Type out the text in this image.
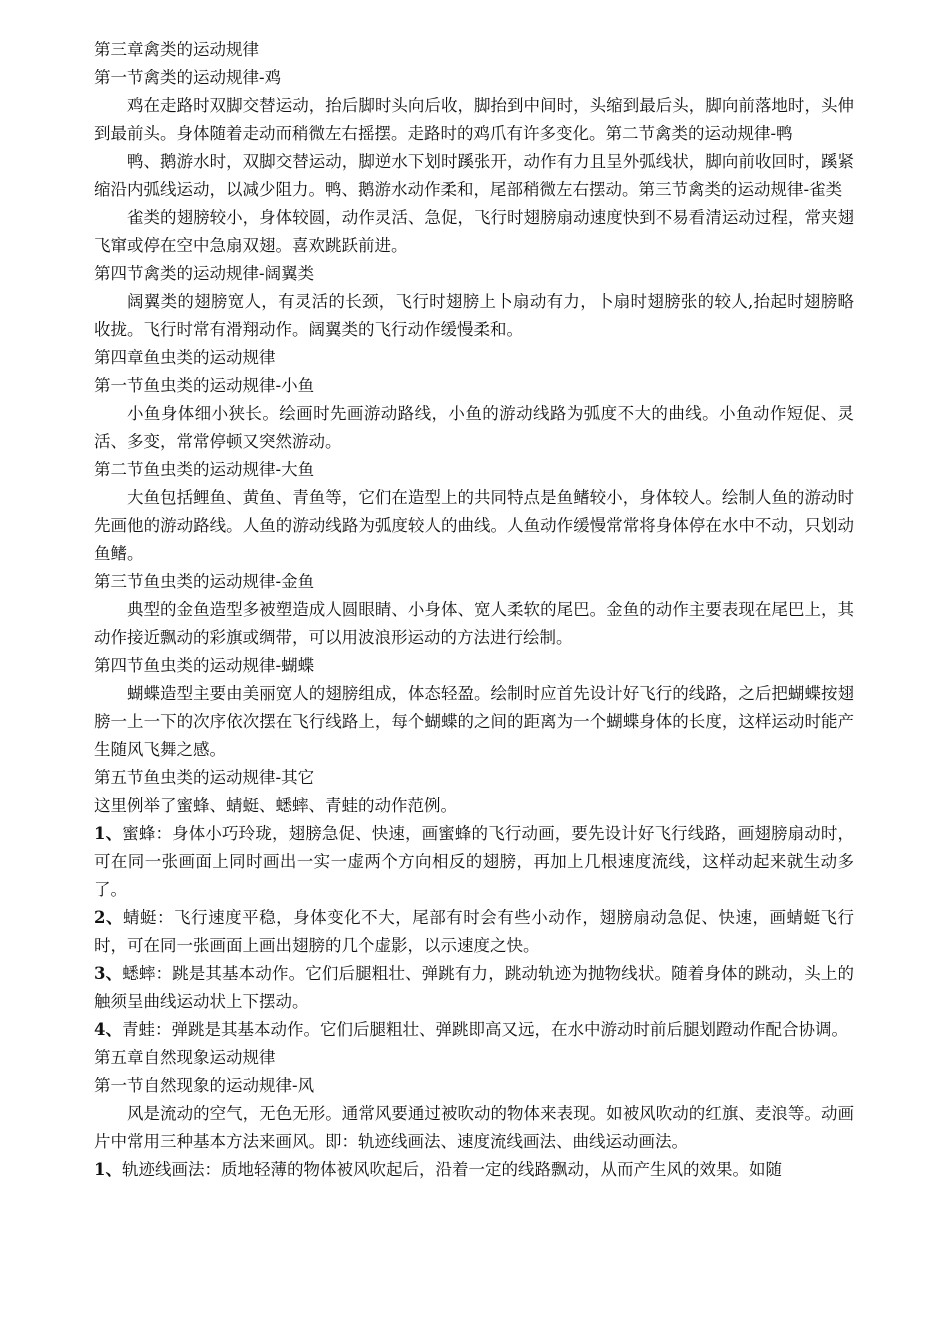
第三章禽类的运动规律

第一节禽类的运动规律-鸡

鸡在走路时双脚交替运动，抬后脚时头向后收，脚抬到中间时，头缩到最后头，脚向前落地时，头伸到最前头。身体随着走动而稍微左右摇摆。走路时的鸡爪有许多变化。第二节禽类的运动规律-鸭

鸭、鹅游水时，双脚交替运动，脚逆水下划时蹊张开，动作有力且呈外弧线状，脚向前收回时，蹊紧缩沿内弧线运动，以减少阻力。鸭、鹅游水动作柔和，尾部稍微左右摆动。第三节禽类的运动规律-雀类

雀类的翅膀较小，身体较圆，动作灵活、急促，飞行时翅膀扇动速度快到不易看清运动过程，常夹翅飞窜或停在空中急扇双翅。喜欢跳跃前进。

第四节禽类的运动规律-阔翼类

阔翼类的翅膀宽人，有灵活的长颈，飞行时翅膀上卜扇动有力，卜扇时翅膀张的较人,抬起时翅膀略收拢。飞行时常有滑翔动作。阔翼类的飞行动作缓慢柔和。

第四章鱼虫类的运动规律

第一节鱼虫类的运动规律-小鱼

小鱼身体细小狭长。绘画时先画游动路线，小鱼的游动线路为弧度不大的曲线。小鱼动作短促、灵活、多变，常常停顿又突然游动。

第二节鱼虫类的运动规律-大鱼

大鱼包括鲤鱼、黄鱼、青鱼等，它们在造型上的共同特点是鱼鳍较小，身体较人。绘制人鱼的游动时先画他的游动路线。人鱼的游动线路为弧度较人的曲线。人鱼动作缓慢常常将身体停在水中不动，只划动鱼鳍。

第三节鱼虫类的运动规律-金鱼

典型的金鱼造型多被塑造成人圆眼睛、小身体、宽人柔软的尾巴。金鱼的动作主要表现在尾巴上，其动作接近飘动的彩旗或绸带，可以用波浪形运动的方法进行绘制。

第四节鱼虫类的运动规律-蝴蝶

蝴蝶造型主要由美丽宽人的翅膀组成，体态轻盈。绘制时应首先设计好飞行的线路，之后把蝴蝶按翅膀一上一下的次序依次摆在飞行线路上，每个蝴蝶的之间的距离为一个蝴蝶身体的长度，这样运动时能产生随风飞舞之感。

第五节鱼虫类的运动规律-其它

这里例举了蜜蜂、蜻蜓、蟋蟀、青蛙的动作范例。

1、蜜蜂：身体小巧玲珑，翅膀急促、快速，画蜜蜂的飞行动画，要先设计好飞行线路，画翅膀扇动时，可在同一张画面上同时画出一实一虚两个方向相反的翅膀，再加上几根速度流线，这样动起来就生动多了。

2、蜻蜓：飞行速度平稳，身体变化不大，尾部有时会有些小动作，翅膀扇动急促、快速，画蜻蜓飞行时，可在同一张画面上画出翅膀的几个虚影，以示速度之快。

3、蟋蟀：跳是其基本动作。它们后腿粗壮、弹跳有力，跳动轨迹为抛物线状。随着身体的跳动，头上的触须呈曲线运动状上下摆动。

4、青蛙：弹跳是其基本动作。它们后腿粗壮、弹跳即高又远，在水中游动时前后腿划蹬动作配合协调。

第五章自然现象运动规律

第一节自然现象的运动规律-风

风是流动的空气，无色无形。通常风要通过被吹动的物体来表现。如被风吹动的红旗、麦浪等。动画片中常用三种基本方法来画风。即：轨迹线画法、速度流线画法、曲线运动画法。

1、轨迹线画法：质地轻薄的物体被风吹起后，沿着一定的线路飘动，从而产生风的效果。如随
